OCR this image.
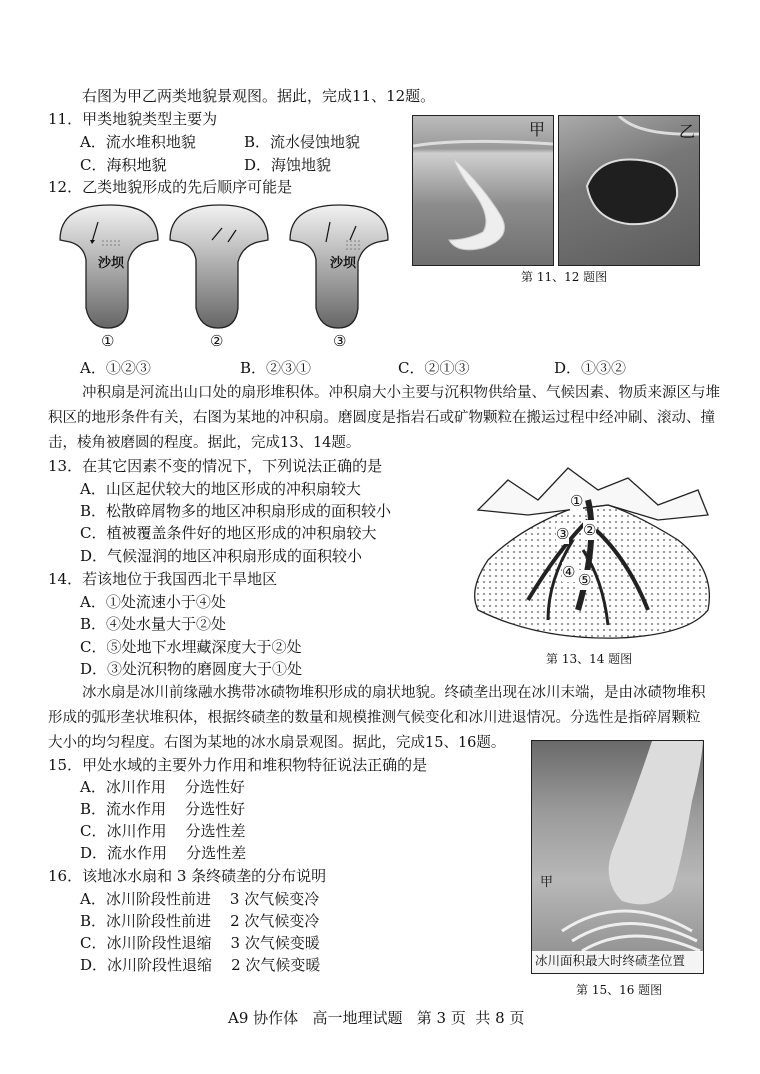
右图为甲乙两类地貌景观图。据此，完成11、12题。
11．甲类地貌类型主要为
A．流水堆积地貌	B．流水侵蚀地貌
C．海积地貌	D．海蚀地貌
12．乙类地貌形成的先后顺序可能是
沙坝	沙坝
①	②	③
A．①②③	B．②③①	C．②①③	D．①③②
甲	乙
第 11、12 题图
冲积扇是河流出山口处的扇形堆积体。冲积扇大小主要与沉积物供给量、气候因素、物质来源区与堆
积区的地形条件有关，右图为某地的冲积扇。磨圆度是指岩石或矿物颗粒在搬运过程中经冲刷、滚动、撞
击，棱角被磨圆的程度。据此，完成13、14题。
13．在其它因素不变的情况下，下列说法正确的是
A．山区起伏较大的地区形成的冲积扇较大
B．松散碎屑物多的地区冲积扇形成的面积较小
C．植被覆盖条件好的地区形成的冲积扇较大
D．气候湿润的地区冲积扇形成的面积较小
14．若该地位于我国西北干旱地区
A．①处流速小于④处
B．④处水量大于②处
C．⑤处地下水埋藏深度大于②处
D．③处沉积物的磨圆度大于①处
①
②
③
④ ⑤
第 13、14 题图
冰水扇是冰川前缘融水携带冰碛物堆积形成的扇状地貌。终碛垄出现在冰川末端，是由冰碛物堆积
形成的弧形垄状堆积体，根据终碛垄的数量和规模推测气候变化和冰川进退情况。分选性是指碎屑颗粒
大小的均匀程度。右图为某地的冰水扇景观图。据此，完成15、16题。
15．甲处水域的主要外力作用和堆积物特征说法正确的是
A．冰川作用    分选性好
B．流水作用    分选性好
C．冰川作用    分选性差
D．流水作用    分选性差
16．该地冰水扇和 3 条终碛垄的分布说明
A．冰川阶段性前进    3 次气候变冷
B．冰川阶段性前进    2 次气候变冷
C．冰川阶段性退缩    3 次气候变暖
D．冰川阶段性退缩    2 次气候变暖
甲
冰川面积最大时终碛垄位置
第 15、16 题图
A9 协作体   高一地理试题   第 3 页  共 8 页
